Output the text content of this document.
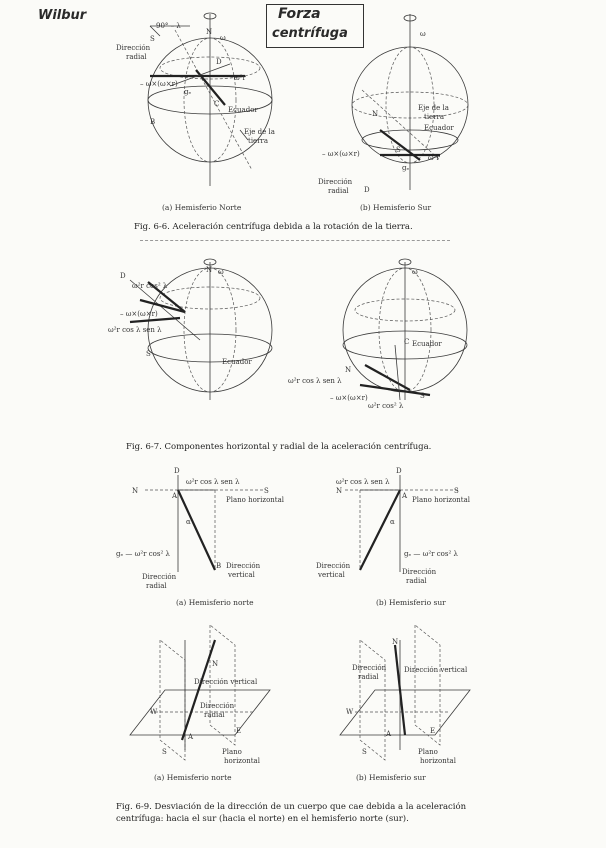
Wilbur	Forza
centrífuga
90° – λ
N
S
Dirección
radial
D
ω²r
– ω×(ω×r)
gₑ
C
Ecuador
B
Eje de la
tierra
ω
N
Eje de la
tierra
Ecuador
– ω×(ω×r)
Dirección
radial D
S
ω²r
gₑ
ω
(a) Hemisferio Norte	(b) Hemisferio Sur
Fig. 6-6. Aceleración centrífuga debida a la rotación de la tierra.
D
N
ω²r cos² λ
– ω×(ω×r)
ω²r cos λ sen λ
S
Ecuador
ω
Ecuador
N
ω²r cos λ sen λ
– ω×(ω×r)
ω²r cos² λ
S
C
ω
Fig. 6-7. Componentes horizontal y radial de la aceleración centrífuga.
D
ω²r cos λ sen λ
N
A
S
Plano horizontal
α
gₑ — ω²r cos² λ
Dirección
vertical
Dirección
radial
B
D
ω²r cos λ sen λ
N
A
S
Plano horizontal
α
gₑ — ω²r cos² λ
Dirección
vertical	Dirección
radial
(a) Hemisferio norte	(b) Hemisferio sur
N
Dirección vertical
Dirección
radial
W
E
S
A
Plano
horizontal
N
Dirección
radial
Dirección vertical
W
E
S
A
Plano
horizontal
(a) Hemisferio norte	(b) Hemisferio sur
Fig. 6-9. Desviación de la dirección de un cuerpo que cae debida a la aceleración
centrífuga: hacia el sur (hacia el norte) en el hemisferio norte (sur).
